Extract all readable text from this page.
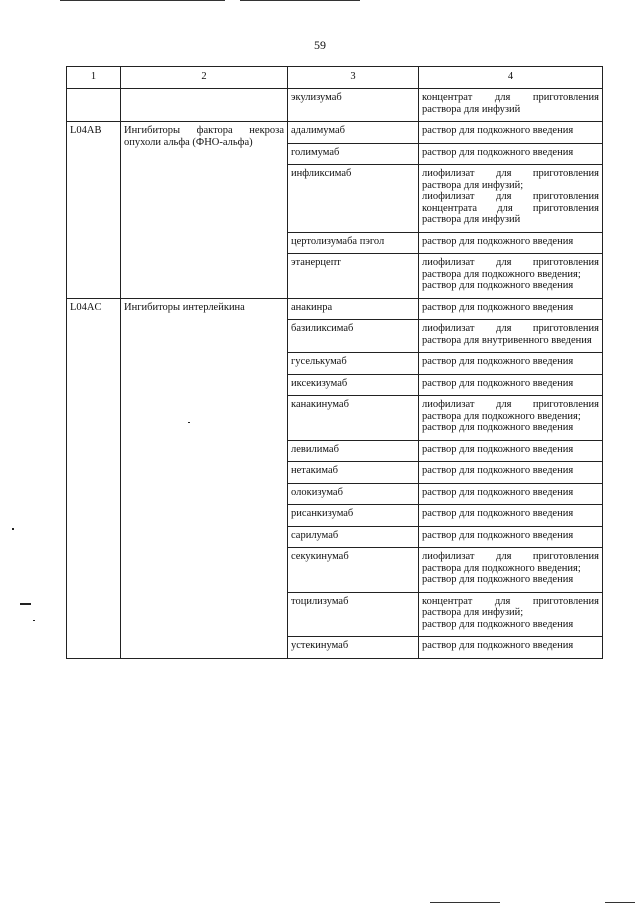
59
1	2	3	4
		экулизумаб	концентрат для приготовления раствора для инфузий

L04AB	Ингибиторы фактора некроза опухоли альфа (ФНО-альфа)	адалимумаб	раствор для подкожного введения

		голимумаб	раствор для подкожного введения

		инфликсимаб	лиофилизат для приготовления раствора для инфузий;
лиофилизат для приготовления концентрата для приготовления раствора для инфузий

		цертолизумаба пэгол	раствор для подкожного введения

		этанерцепт	лиофилизат для приготовления раствора для подкожного введения;
раствор для подкожного введения

L04AC	Ингибиторы интерлейкина	анакинра	раствор для подкожного введения

		базиликсимаб	лиофилизат для приготовления раствора для внутривенного введения

		гуселькумаб	раствор для подкожного введения

		иксекизумаб	раствор для подкожного введения

		канакинумаб	лиофилизат для приготовления раствора для подкожного введения;
раствор для подкожного введения

		левилимаб	раствор для подкожного введения

		нетакимаб	раствор для подкожного введения

		олокизумаб	раствор для подкожного введения

		рисанкизумаб	раствор для подкожного введения

		сарилумаб	раствор для подкожного введения

		секукинумаб	лиофилизат для приготовления раствора для подкожного введения;
раствор для подкожного введения

		тоцилизумаб	концентрат для приготовления раствора для инфузий;
раствор для подкожного введения

		устекинумаб	раствор для подкожного введения
